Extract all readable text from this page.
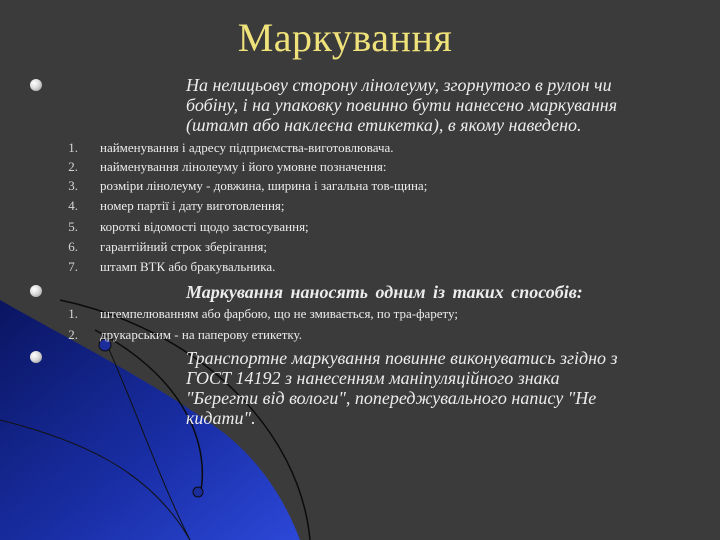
Маркування
На нелицьову сторону лінолеуму, згорнутого в рулон чи
бобіну, і на упаковку повинно бути нанесено маркування
(штамп або наклеєна етикетка), в якому наведено.
1. найменування і адресу підприємства-виготовлювача.
2. найменування лінолеуму і його умовне позначення:
3. розміри лінолеуму - довжина, ширина і загальна тов-щина;
4. номер партії і дату виготовлення;
5. короткі відомості щодо застосування;
6. гарантійний строк зберігання;
7. штамп ВТК або бракувальника.
Маркування наносять одним із таких способів:
1. штемпелюванням або фарбою, що не змивається, по тра-фарету;
2. друкарським - на паперову етикетку.
Транспортне маркування повинне виконуватись згідно з
ГОСТ 14192 з нанесенням маніпуляційного знака
"Берегти від вологи", попереджувального напису "Не
кидати".
